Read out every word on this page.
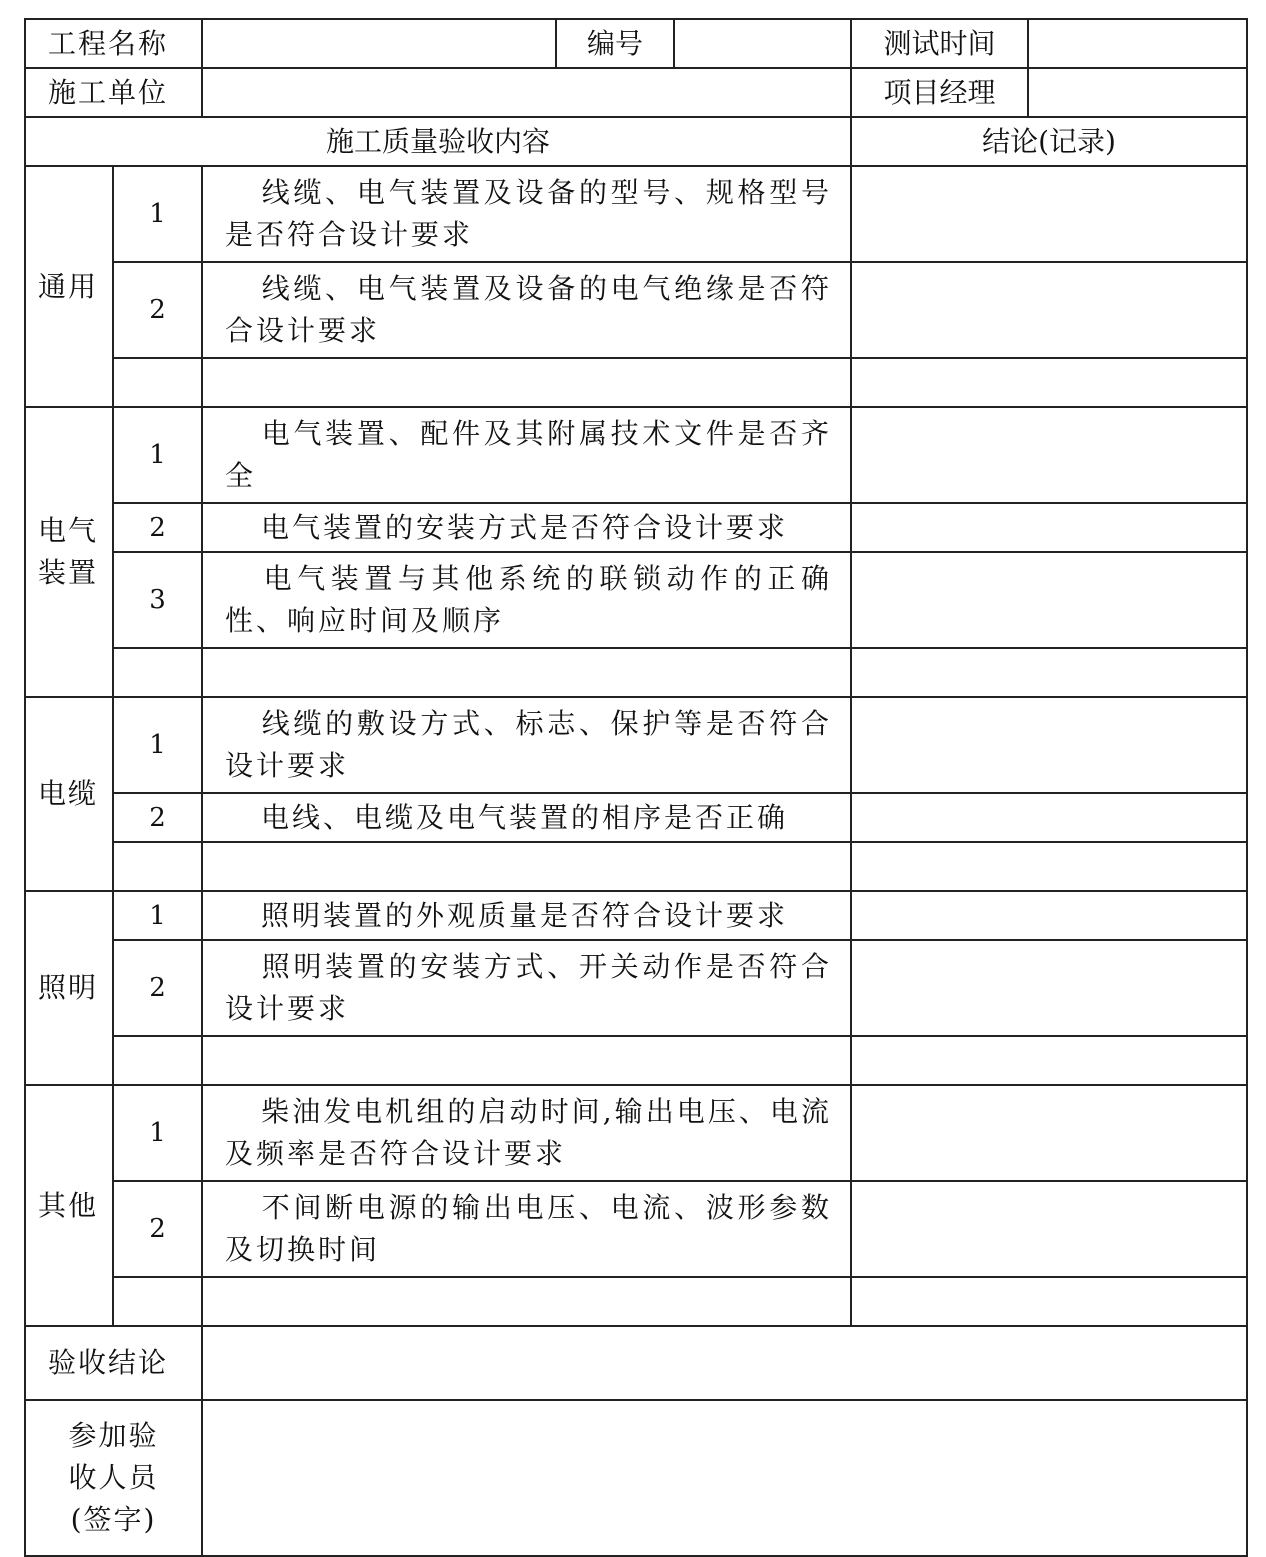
工程名称			编号		测试时间	
施工单位					项目经理	
施工质量验收内容					结论(记录)	
通用	1	线缆、电气装置及设备的型号、规格型号是否符合设计要求				
	2	线缆、电气装置及设备的电气绝缘是否符合设计要求				

电气
装置	1	电气装置、配件及其附属技术文件是否齐全				
	2	电气装置的安装方式是否符合设计要求				
	3	电气装置与其他系统的联锁动作的正确性、响应时间及顺序				

电缆	1	线缆的敷设方式、标志、保护等是否符合设计要求				
	2	电线、电缆及电气装置的相序是否正确				

照明	1	照明装置的外观质量是否符合设计要求				
	2	照明装置的安装方式、开关动作是否符合设计要求				

其他	1	柴油发电机组的启动时间,输出电压、电流及频率是否符合设计要求				
	2	不间断电源的输出电压、电流、波形参数及切换时间				

验收结论						
参加验
收人员
(签字)						
